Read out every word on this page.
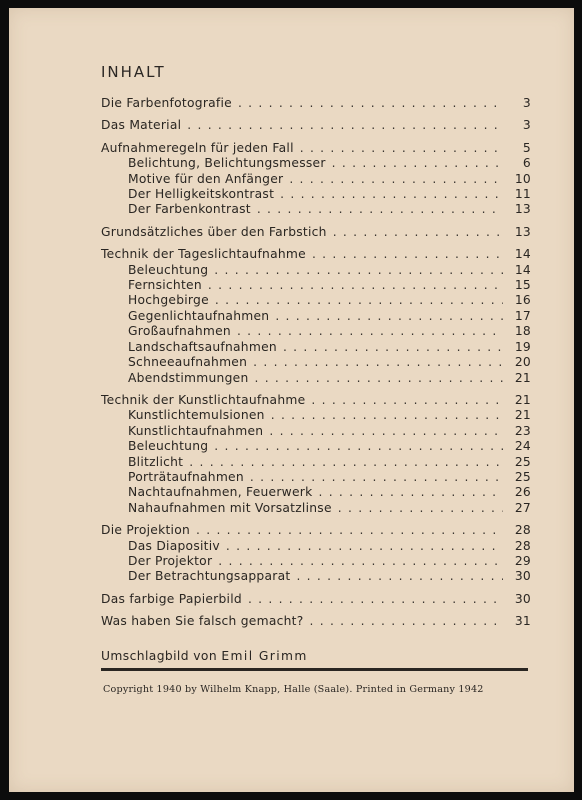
INHALT
Die Farbenfotografie . . .	3
Das Material . . .	3
Aufnahmeregeln für jeden Fall . . .	5
Belichtung, Belichtungsmesser . . .	6
Motive für den Anfänger . . .	10
Der Helligkeitskontrast . . .	11
Der Farbenkontrast . . .	13
Grundsätzliches über den Farbstich . . .	13
Technik der Tageslichtaufnahme . . .	14
Beleuchtung . . .	14
Fernsichten . . .	15
Hochgebirge . . .	16
Gegenlichtaufnahmen . . .	17
Großaufnahmen . . .	18
Landschaftsaufnahmen . . .	19
Schneeaufnahmen . . .	20
Abendstimmungen . . .	21
Technik der Kunstlichtaufnahme . . .	21
Kunstlichtemulsionen . . .	21
Kunstlichtaufnahmen . . .	23
Beleuchtung . . .	24
Blitzlicht . . .	25
Porträtaufnahmen . . .	25
Nachtaufnahmen, Feuerwerk . . .	26
Nahaufnahmen mit Vorsatzlinse . . .	27
Die Projektion . . .	28
Das Diapositiv . . .	28
Der Projektor . . .	29
Der Betrachtungsapparat . . .	30
Das farbige Papierbild . . .	30
Was haben Sie falsch gemacht? . . .	31
Umschlagbild von Emil Grimm
Copyright 1940 by Wilhelm Knapp, Halle (Saale). Printed in Germany 1942
